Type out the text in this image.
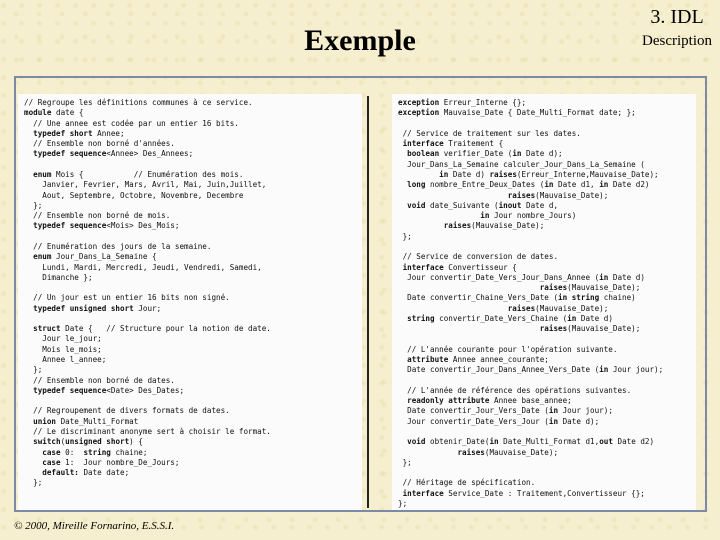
Exemple
3. IDL
Description
// Regroupe les définitions communes à ce service.
module date {
// Une annee est codée par un entier 16 bits.
typedef short Annee;
// Ensemble non borné d'années.
typedef sequence<Annee> Des_Annees;

enum Mois {           // Enumération des mois.
Janvier, Fevrier, Mars, Avril, Mai, Juin,Juillet,
Aout, Septembre, Octobre, Novembre, Decembre
};
// Ensemble non borné de mois.
typedef sequence<Mois> Des_Mois;

// Enumération des jours de la semaine.
enum Jour_Dans_La_Semaine {
Lundi, Mardi, Mercredi, Jeudi, Vendredi, Samedi,
Dimanche };

// Un jour est un entier 16 bits non signé.
typedef unsigned short Jour;

struct Date {   // Structure pour la notion de date.
Jour le_jour;
Mois le_mois;
Annee l_annee;
};
// Ensemble non borné de dates.
typedef sequence<Date> Des_Dates;

// Regroupement de divers formats de dates.
union Date_Multi_Format
// Le discriminant anonyme sert à choisir le format.
switch(unsigned short) {
case 0:  string chaine;
case 1:  Jour nombre_De_Jours;
default: Date date;
};
exception Erreur_Interne {};
exception Mauvaise_Date { Date_Multi_Format date; };

// Service de traitement sur les dates.
interface Traitement {
boolean verifier_Date (in Date d);
Jour_Dans_La_Semaine calculer_Jour_Dans_La_Semaine (
in Date d) raises(Erreur_Interne,Mauvaise_Date);
long nombre_Entre_Deux_Dates (in Date d1, in Date d2)
raises(Mauvaise_Date);
void date_Suivante (inout Date d,
in Jour nombre_Jours)
raises(Mauvaise_Date);
};

// Service de conversion de dates.
interface Convertisseur {
Jour convertir_Date_Vers_Jour_Dans_Annee (in Date d)
raises(Mauvaise_Date);
Date convertir_Chaine_Vers_Date (in string chaine)
raises(Mauvaise_Date);
string convertir_Date_Vers_Chaine (in Date d)
raises(Mauvaise_Date);

// L'année courante pour l'opération suivante.
attribute Annee annee_courante;
Date convertir_Jour_Dans_Annee_Vers_Date (in Jour jour);

// L'année de référence des opérations suivantes.
readonly attribute Annee base_annee;
Date convertir_Jour_Vers_Date (in Jour jour);
Jour convertir_Date_Vers_Jour (in Date d);

void obtenir_Date(in Date_Multi_Format d1,out Date d2)
raises(Mauvaise_Date);
};

// Héritage de spécification.
interface Service_Date : Traitement,Convertisseur {};
};
© 2000, Mireille Fornarino, E.S.S.I.
